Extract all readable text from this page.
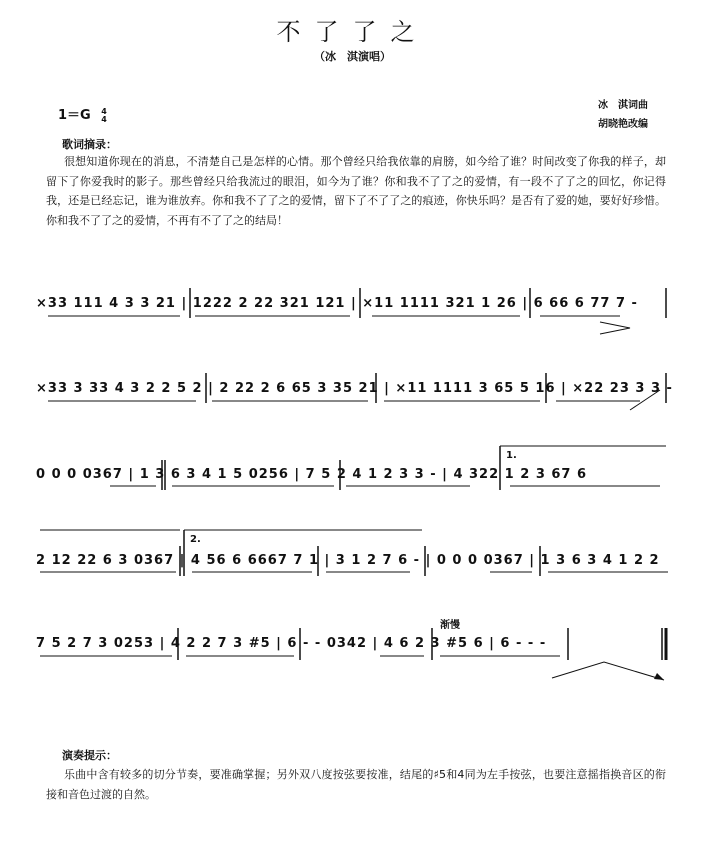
不了了之
（冰　淇演唱）
冰　淇词曲
胡晓艳改编
1＝G 4
4
歌词摘录：
很想知道你现在的消息，不清楚自己是怎样的心情。那个曾经只给我依靠的肩膀，如今给了谁？时间改变了你我的样子，却留下了你爱我时的影子。那些曾经只给我流过的眼泪，如今为了谁？你和我不了了之的爱情，有一段不了了之的回忆，你记得我，还是已经忘记，谁为谁放弃。你和我不了了之的爱情，留下了不了了之的痕迹，你快乐吗？是否有了爱的她，要好好珍惜。你和我不了了之的爱情，不再有不了了之的结局！
×33 111 4 3 3 21 | 1222 2 22 321 121 | ×11 1111 321 1 26 | 6 66 6 77 7 -
×33 3 33 4 3 2 2 5 2 | 2 22 2 6 65 3 35 21 | ×11 1111 3 65 5 16 | ×22 23 3 3 -
0 0 0 0367 | 1 3 6 3 4 1 5 0256 | 7 5 2 4 1 2 3 3 - | 4 322 1 2 3 67 6
2 12 22 6 3 0367 | 4 56 6 6667 7 1 | 3 1 2 7 6 - | 0 0 0 0367 | 1 3 6 3 4 1 2 2
7 5 2 7 3 0253 | 4 2 2 7 3 #5 | 6 - - 0342 | 4 6 2 3 #5 6 | 6 - - -
1.
2.
渐慢
演奏提示：
乐曲中含有较多的切分节奏，要准确掌握；另外双八度按弦要按准，结尾的♯5和4同为左手按弦，也要注意摇指换音区的衔接和音色过渡的自然。
